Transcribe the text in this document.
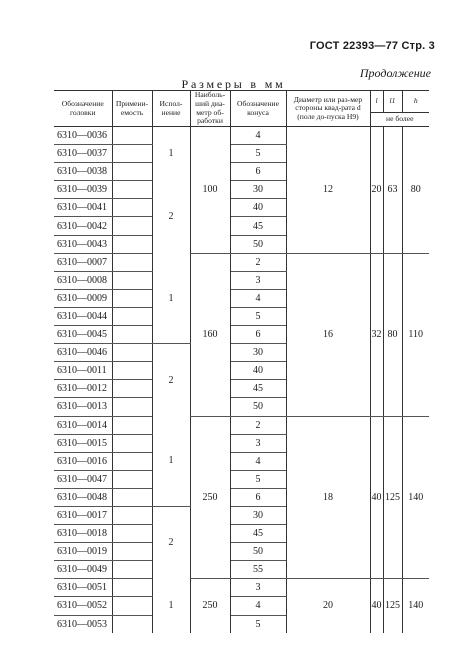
ГОСТ 22393—77 Стр. 3
Продолжение
Размеры в мм
Обозначение головки	Примени-емость	Испол-нение	Наиболь-ший диа-метр об-работки	Обозначение конуса	Диаметр или раз-мер стороны квад-рата d (поле до-пуска H9)	l	l1	h
						не более		
6310—0036		1	100	4	12	20	63	80
6310—0037				5				
6310—0038				6				
6310—0039		2		30				
6310—0041				40				
6310—0042				45				
6310—0043				50				
6310—0007		1	160	2	16	32	80	110
6310—0008				3				
6310—0009				4				
6310—0044				5				
6310—0045				6				
6310—0046		2		30				
6310—0011				40				
6310—0012				45				
6310—0013				50				
6310—0014		1	250	2	18	40	125	140
6310—0015				3				
6310—0016				4				
6310—0047				5				
6310—0048				6				
6310—0017		2		30				
6310—0018				45				
6310—0019				50				
6310—0049				55				
6310—0051		1	250	3	20	40	125	140
6310—0052				4				
6310—0053				5				
